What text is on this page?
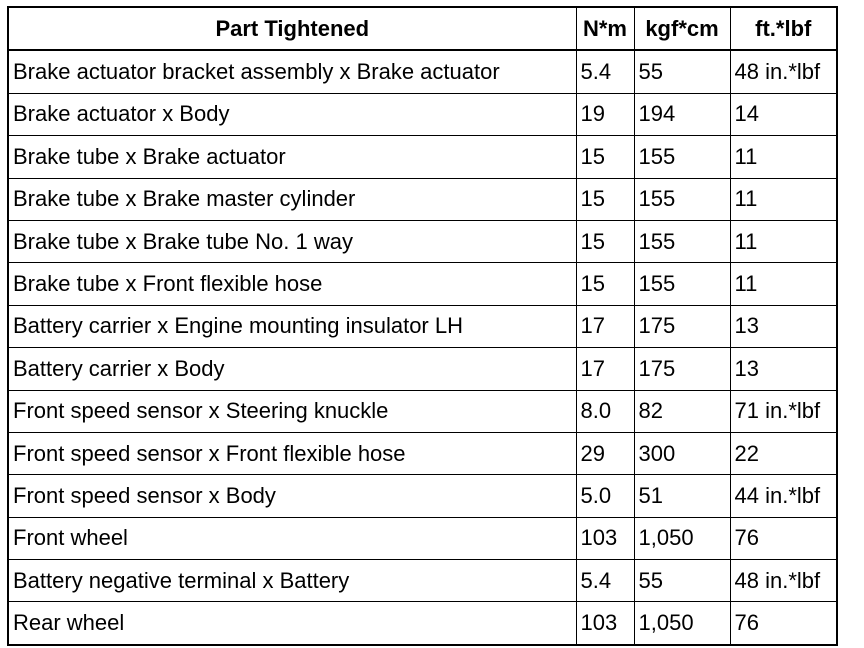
Part Tightened	N*m	kgf*cm	ft.*lbf
Brake actuator bracket assembly x Brake actuator	5.4	55	48 in.*lbf
Brake actuator x Body	19	194	14
Brake tube x Brake actuator	15	155	11
Brake tube x Brake master cylinder	15	155	11
Brake tube x Brake tube No. 1 way	15	155	11
Brake tube x Front flexible hose	15	155	11
Battery carrier x Engine mounting insulator LH	17	175	13
Battery carrier x Body	17	175	13
Front speed sensor x Steering knuckle	8.0	82	71 in.*lbf
Front speed sensor x Front flexible hose	29	300	22
Front speed sensor x Body	5.0	51	44 in.*lbf
Front wheel	103	1,050	76
Battery negative terminal x Battery	5.4	55	48 in.*lbf
Rear wheel	103	1,050	76
